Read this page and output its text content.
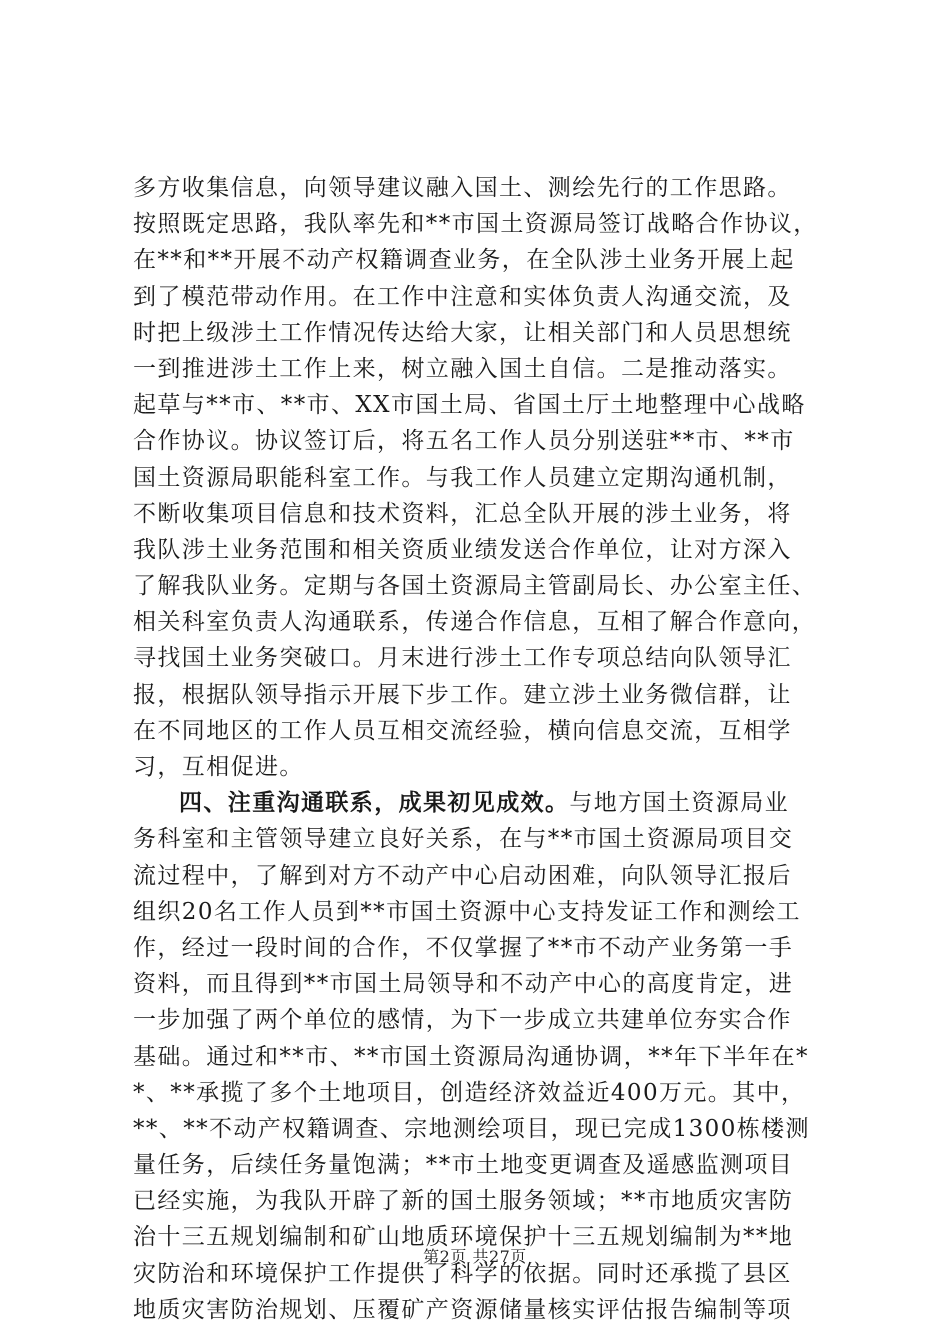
多方收集信息，向领导建议融入国土、测绘先行的工作思路。
按照既定思路，我队率先和**市国土资源局签订战略合作协议，
在**和**开展不动产权籍调查业务，在全队涉土业务开展上起
到了模范带动作用。在工作中注意和实体负责人沟通交流，及
时把上级涉土工作情况传达给大家，让相关部门和人员思想统
一到推进涉土工作上来，树立融入国土自信。二是推动落实。
起草与**市、**市、XX市国土局、省国土厅土地整理中心战略
合作协议。协议签订后，将五名工作人员分别送驻**市、**市
国土资源局职能科室工作。与我工作人员建立定期沟通机制，
不断收集项目信息和技术资料，汇总全队开展的涉土业务，将
我队涉土业务范围和相关资质业绩发送合作单位，让对方深入
了解我队业务。定期与各国土资源局主管副局长、办公室主任、
相关科室负责人沟通联系，传递合作信息，互相了解合作意向，
寻找国土业务突破口。月末进行涉土工作专项总结向队领导汇
报，根据队领导指示开展下步工作。建立涉土业务微信群，让
在不同地区的工作人员互相交流经验，横向信息交流，互相学
习，互相促进。
四、注重沟通联系，成果初见成效。与地方国土资源局业
务科室和主管领导建立良好关系，在与**市国土资源局项目交
流过程中，了解到对方不动产中心启动困难，向队领导汇报后
组织20名工作人员到**市国土资源中心支持发证工作和测绘工
作，经过一段时间的合作，不仅掌握了**市不动产业务第一手
资料，而且得到**市国土局领导和不动产中心的高度肯定，进
一步加强了两个单位的感情，为下一步成立共建单位夯实合作
基础。通过和**市、**市国土资源局沟通协调，**年下半年在*
*、**承揽了多个土地项目，创造经济效益近400万元。其中，
**、**不动产权籍调查、宗地测绘项目，现已完成1300栋楼测
量任务，后续任务量饱满；**市土地变更调查及遥感监测项目
已经实施，为我队开辟了新的国土服务领域；**市地质灾害防
治十三五规划编制和矿山地质环境保护十三五规划编制为**地
灾防治和环境保护工作提供了科学的依据。同时还承揽了县区
地质灾害防治规划、压覆矿产资源储量核实评估报告编制等项
第2页 共27页
